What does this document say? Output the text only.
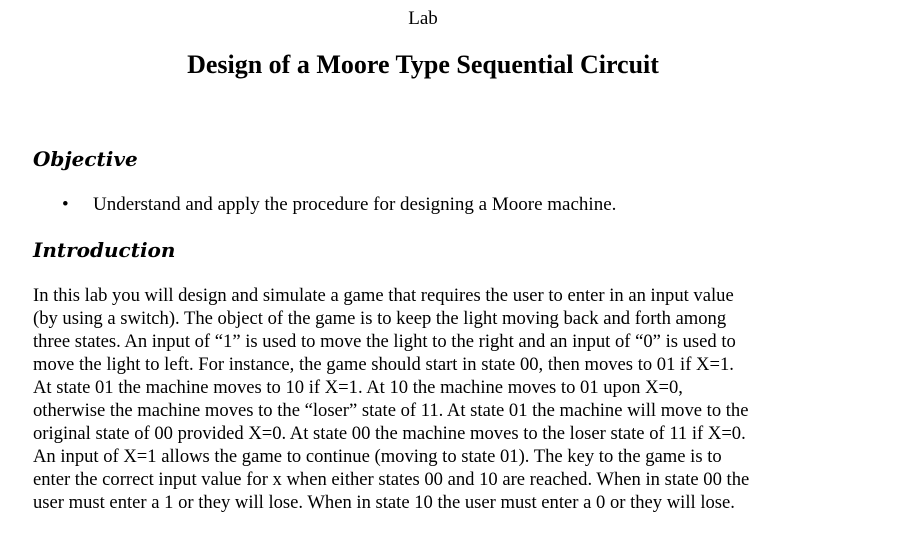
Lab
Design of a Moore Type Sequential Circuit
Objective
•	Understand and apply the procedure for designing a Moore machine.
Introduction

In this lab you will design and simulate a game that requires the user to enter in an input value
(by using a switch). The object of the game is to keep the light moving back and forth among
three states. An input of “1” is used to move the light to the right and an input of “0” is used to
move the light to left. For instance, the game should start in state 00, then moves to 01 if X=1.
At state 01 the machine moves to 10 if X=1. At 10 the machine moves to 01 upon X=0,
otherwise the machine moves to the “loser” state of 11. At state 01 the machine will move to the
original state of 00 provided X=0. At state 00 the machine moves to the loser state of 11 if X=0.
An input of X=1 allows the game to continue (moving to state 01). The key to the game is to
enter the correct input value for x when either states 00 and 10 are reached. When in state 00 the
user must enter a 1 or they will lose. When in state 10 the user must enter a 0 or they will lose.
